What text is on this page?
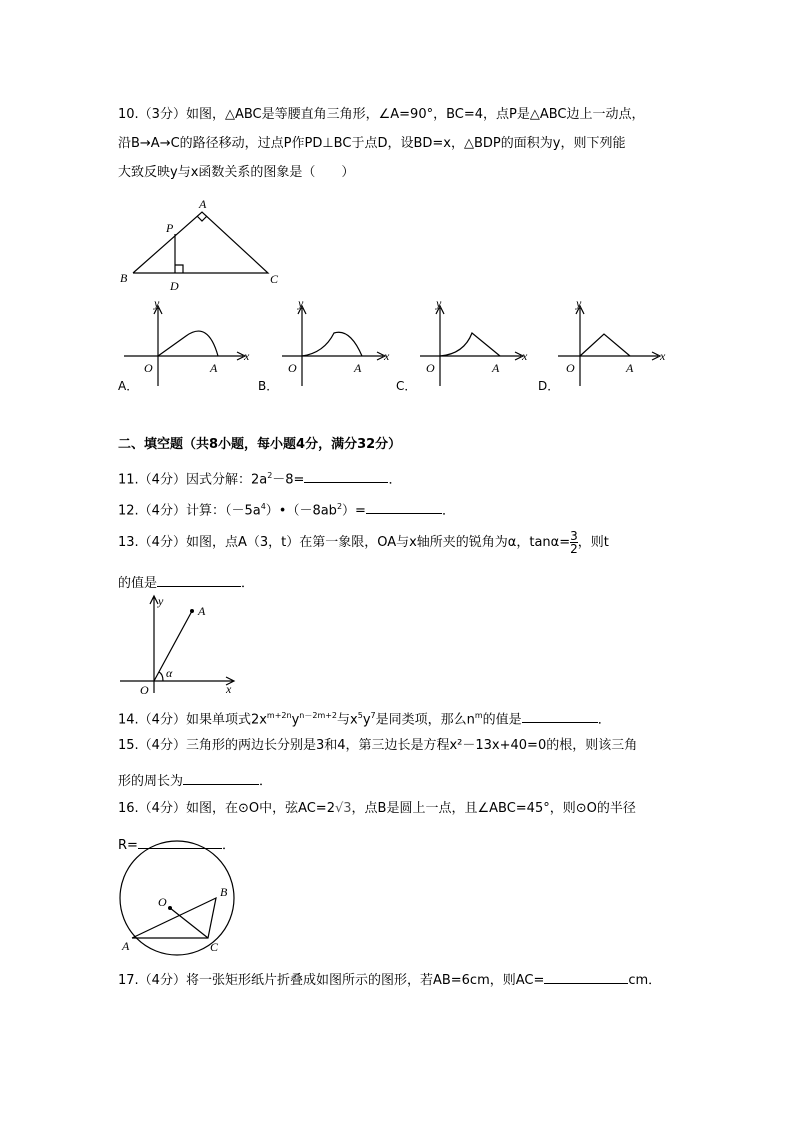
10.（3分）如图，△ABC是等腰直角三角形，∠A=90°，BC=4，点P是△ABC边上一动点，
沿B→A→C的路径移动，过点P作PD⊥BC于点D，设BD=x，△BDP的面积为y，则下列能
大致反映y与x函数关系的图象是（　　）
A
B	C
P
D
y
x
O	A
y
x
O	A
y
x
O	A
y
x
O	A
A．	B．	C．	D．
二、填空题（共8小题，每小题4分，满分32分）
11.（4分）因式分解：$2a^2-8=$	．
12.（4分）计算：$(-5a^4)•(-8ab^2)=$	．
13.（4分）如图，点A（3，t）在第一象限，OA与x轴所夹的锐角为α，$\tan\alpha= \frac{3}{2}$ ，则t
的值是	．
y
x
O
A
α
14.（4分）如果单项式$2x^{m+2n}y^{n-2m+2}$与$x^5y^7$是同类项，那么$n^m$的值是	．
15.（4分）三角形的两边长分别是3和4，第三边长是方程x²－13x+40=0的根，则该三角
形的周长为	．
16.（4分）如图，在⊙O中，弦AC=2√3，点B是圆上一点，且∠ABC=45°，则⊙O的半径
R=	．
O
A
B
C
17.（4分）将一张矩形纸片折叠成如图所示的图形，若AB=6cm，则AC=	cm．
